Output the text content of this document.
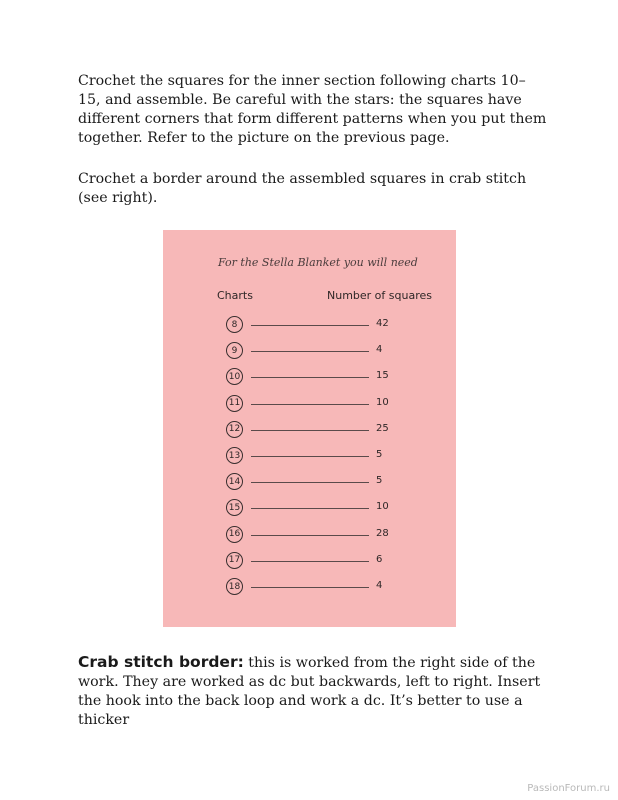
Crochet the squares for the inner section following charts 10–15, and assemble. Be careful with the stars: the squares have different corners that form different patterns when you put them together. Refer to the picture on the previous page.

Crochet a border around the assembled squares in crab stitch (see right).

For the Stella Blanket you will need

Charts	Number of squares

8	42
9	4
10	15
11	10
12	25
13	5
14	5
15	10
16	28
17	6
18	4

Crab stitch border: this is worked from the right side of the work. They are worked as dc but backwards, left to right. Insert the hook into the back loop and work a dc. It’s better to use a thicker

PassionForum.ru
